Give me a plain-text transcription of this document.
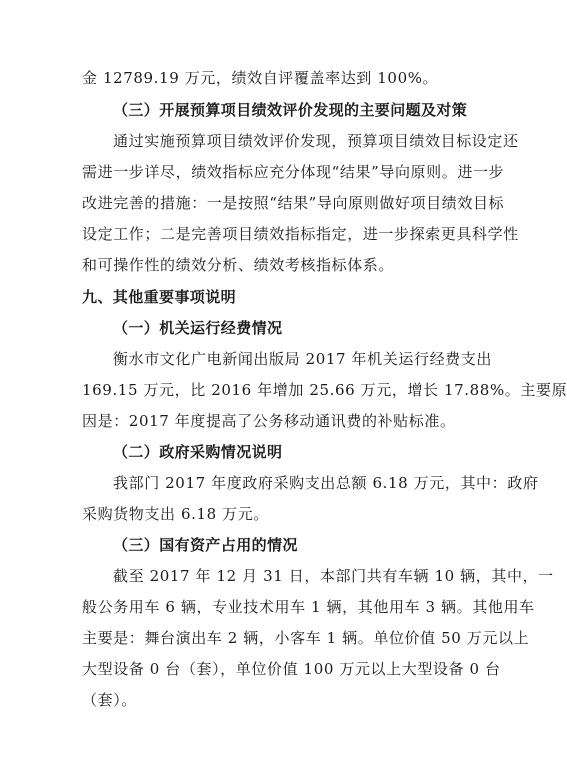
金 12789.19 万元，绩效自评覆盖率达到 100%。
（三）开展预算项目绩效评价发现的主要问题及对策
通过实施预算项目绩效评价发现，预算项目绩效目标设定还
需进一步详尽，绩效指标应充分体现“结果”导向原则。进一步
改进完善的措施：一是按照“结果”导向原则做好项目绩效目标
设定工作；二是完善项目绩效指标指定，进一步探索更具科学性
和可操作性的绩效分析、绩效考核指标体系。
九、其他重要事项说明
（一）机关运行经费情况
衡水市文化广电新闻出版局 2017 年机关运行经费支出
169.15 万元，比 2016 年增加 25.66 万元，增长 17.88%。主要原
因是：2017 年度提高了公务移动通讯费的补贴标准。
（二）政府采购情况说明
我部门 2017 年度政府采购支出总额 6.18 万元，其中：政府
采购货物支出 6.18 万元。
（三）国有资产占用的情况
截至 2017 年 12 月 31 日，本部门共有车辆 10 辆，其中，一
般公务用车 6 辆，专业技术用车 1 辆，其他用车 3 辆。其他用车
主要是：舞台演出车 2 辆，小客车 1 辆。单位价值 50 万元以上
大型设备 0 台（套），单位价值 100 万元以上大型设备 0 台
（套）。
